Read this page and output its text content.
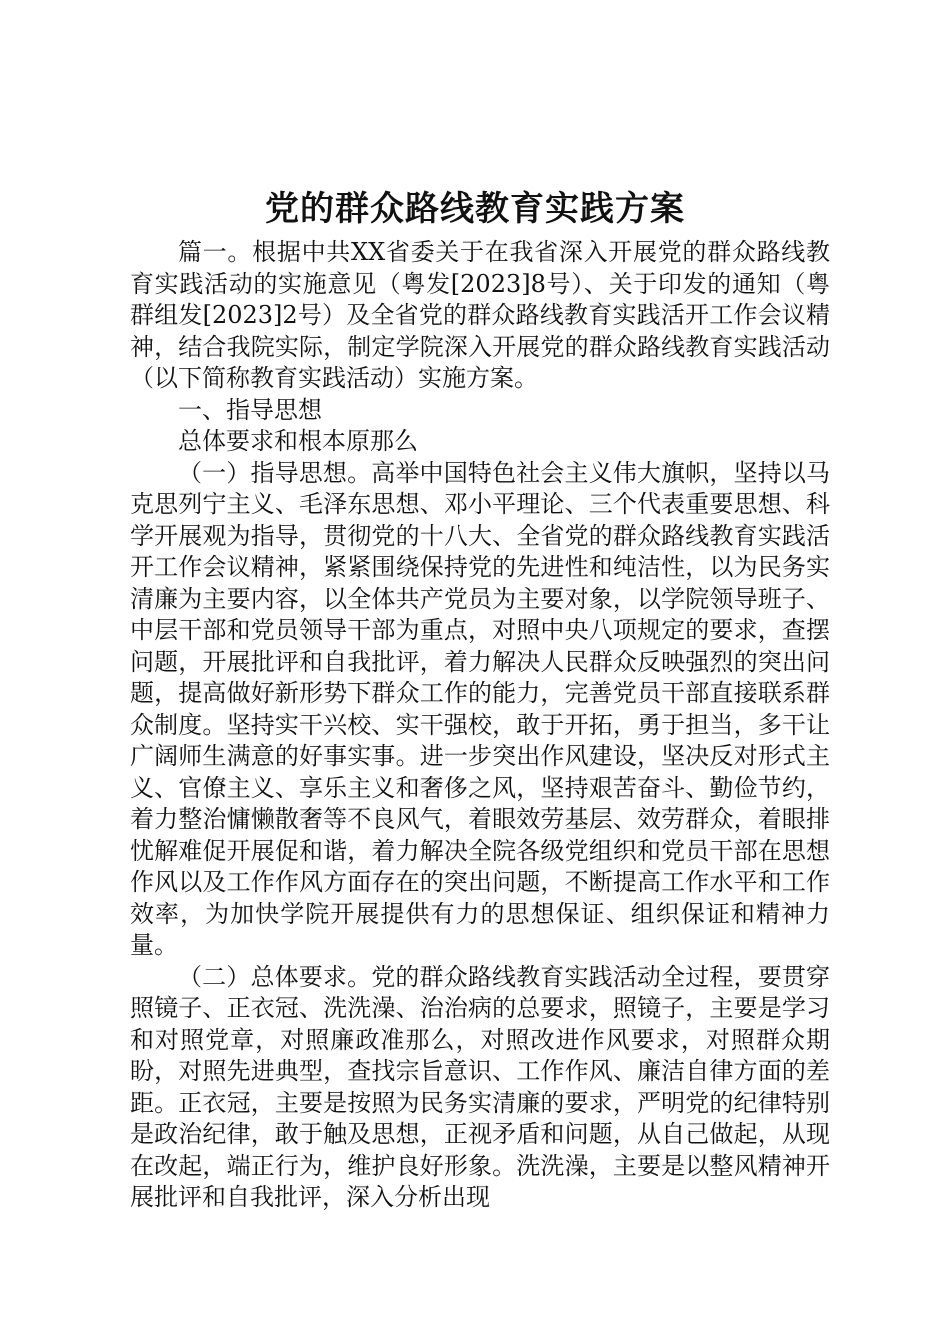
党的群众路线教育实践方案

篇一。根据中共XX省委关于在我省深入开展党的群众路线教育实践活动的实施意见（粤发[2023]8号）、关于印发的通知（粤群组发[2023]2号）及全省党的群众路线教育实践活开工作会议精神，结合我院实际，制定学院深入开展党的群众路线教育实践活动（以下简称教育实践活动）实施方案。

一、指导思想

总体要求和根本原那么

（一）指导思想。高举中国特色社会主义伟大旗帜，坚持以马克思列宁主义、毛泽东思想、邓小平理论、三个代表重要思想、科学开展观为指导，贯彻党的十八大、全省党的群众路线教育实践活开工作会议精神，紧紧围绕保持党的先进性和纯洁性，以为民务实清廉为主要内容，以全体共产党员为主要对象，以学院领导班子、中层干部和党员领导干部为重点，对照中央八项规定的要求，查摆问题，开展批评和自我批评，着力解决人民群众反映强烈的突出问题，提高做好新形势下群众工作的能力，完善党员干部直接联系群众制度。坚持实干兴校、实干强校，敢于开拓，勇于担当，多干让广阔师生满意的好事实事。进一步突出作风建设，坚决反对形式主义、官僚主义、享乐主义和奢侈之风，坚持艰苦奋斗、勤俭节约，着力整治慵懒散奢等不良风气，着眼效劳基层、效劳群众，着眼排忧解难促开展促和谐，着力解决全院各级党组织和党员干部在思想作风以及工作作风方面存在的突出问题，不断提高工作水平和工作效率，为加快学院开展提供有力的思想保证、组织保证和精神力量。

（二）总体要求。党的群众路线教育实践活动全过程，要贯穿照镜子、正衣冠、洗洗澡、治治病的总要求，照镜子，主要是学习和对照党章，对照廉政准那么，对照改进作风要求，对照群众期盼，对照先进典型，查找宗旨意识、工作作风、廉洁自律方面的差距。正衣冠，主要是按照为民务实清廉的要求，严明党的纪律特别是政治纪律，敢于触及思想，正视矛盾和问题，从自己做起，从现在改起，端正行为，维护良好形象。洗洗澡，主要是以整风精神开展批评和自我批评，深入分析出现
